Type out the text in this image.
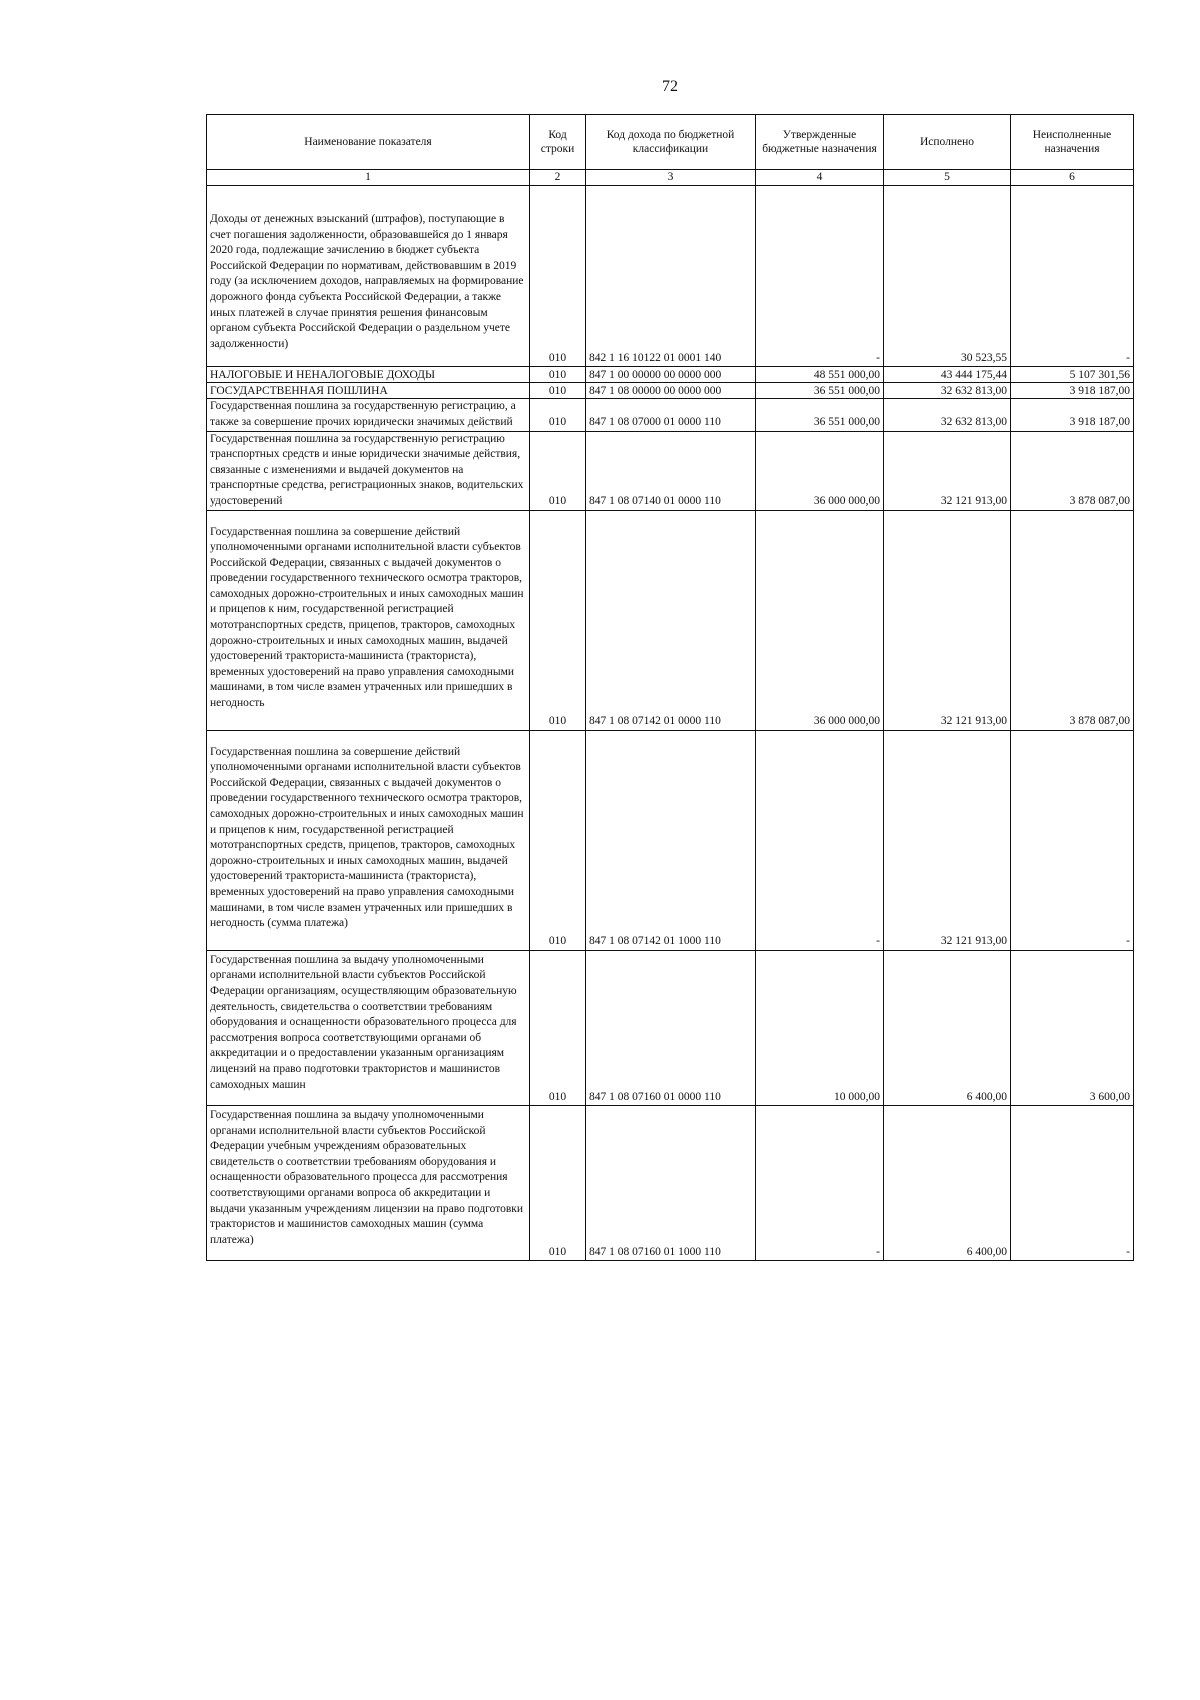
72
Наименование показателя	Код строки	Код дохода по бюджетной классификации	Утвержденные бюджетные назначения	Исполнено	Неисполненные назначения
1	2	3	4	5	6
Доходы от денежных взысканий (штрафов), поступающие в счет погашения задолженности, образовавшейся до 1 января 2020 года, подлежащие зачислению в бюджет субъекта Российской Федерации по нормативам, действовавшим в 2019 году (за исключением доходов, направляемых на формирование дорожного фонда субъекта Российской Федерации, а также иных платежей в случае принятия решения финансовым органом субъекта Российской Федерации о раздельном учете задолженности)	010	842 1 16 10122 01 0001 140	-	30 523,55	-
НАЛОГОВЫЕ И НЕНАЛОГОВЫЕ ДОХОДЫ	010	847 1 00 00000 00 0000 000	48 551 000,00	43 444 175,44	5 107 301,56
ГОСУДАРСТВЕННАЯ ПОШЛИНА	010	847 1 08 00000 00 0000 000	36 551 000,00	32 632 813,00	3 918 187,00
Государственная пошлина за государственную регистрацию, а также за совершение прочих юридически значимых действий	010	847 1 08 07000 01 0000 110	36 551 000,00	32 632 813,00	3 918 187,00
Государственная пошлина за государственную регистрацию транспортных средств и иные юридически значимые действия, связанные с изменениями и выдачей документов на транспортные средства, регистрационных знаков, водительских удостоверений	010	847 1 08 07140 01 0000 110	36 000 000,00	32 121 913,00	3 878 087,00
Государственная пошлина за совершение действий уполномоченными органами исполнительной власти субъектов Российской Федерации, связанных с выдачей документов о проведении государственного технического осмотра тракторов, самоходных дорожно-строительных и иных самоходных машин и прицепов к ним, государственной регистрацией мототранспортных средств, прицепов, тракторов, самоходных дорожно-строительных и иных самоходных машин, выдачей удостоверений тракториста-машиниста (тракториста), временных удостоверений на право управления самоходными машинами, в том числе взамен утраченных или пришедших в негодность	010	847 1 08 07142 01 0000 110	36 000 000,00	32 121 913,00	3 878 087,00
Государственная пошлина за совершение действий уполномоченными органами исполнительной власти субъектов Российской Федерации, связанных с выдачей документов о проведении государственного технического осмотра тракторов, самоходных дорожно-строительных и иных самоходных машин и прицепов к ним, государственной регистрацией мототранспортных средств, прицепов, тракторов, самоходных дорожно-строительных и иных самоходных машин, выдачей удостоверений тракториста-машиниста (тракториста), временных удостоверений на право управления самоходными машинами, в том числе взамен утраченных или пришедших в негодность (сумма платежа)	010	847 1 08 07142 01 1000 110	-	32 121 913,00	-
Государственная пошлина за выдачу уполномоченными органами исполнительной власти субъектов Российской Федерации организациям, осуществляющим образовательную деятельность, свидетельства о соответствии требованиям оборудования и оснащенности образовательного процесса для рассмотрения вопроса соответствующими органами об аккредитации и о предоставлении указанным организациям лицензий на право подготовки трактористов и машинистов самоходных машин	010	847 1 08 07160 01 0000 110	10 000,00	6 400,00	3 600,00
Государственная пошлина за выдачу уполномоченными органами исполнительной власти субъектов Российской Федерации учебным учреждениям образовательных свидетельств о соответствии требованиям оборудования и оснащенности образовательного процесса для рассмотрения соответствующими органами вопроса об аккредитации и выдачи указанным учреждениям лицензии на право подготовки трактористов и машинистов самоходных машин (сумма платежа)	010	847 1 08 07160 01 1000 110	-	6 400,00	-
